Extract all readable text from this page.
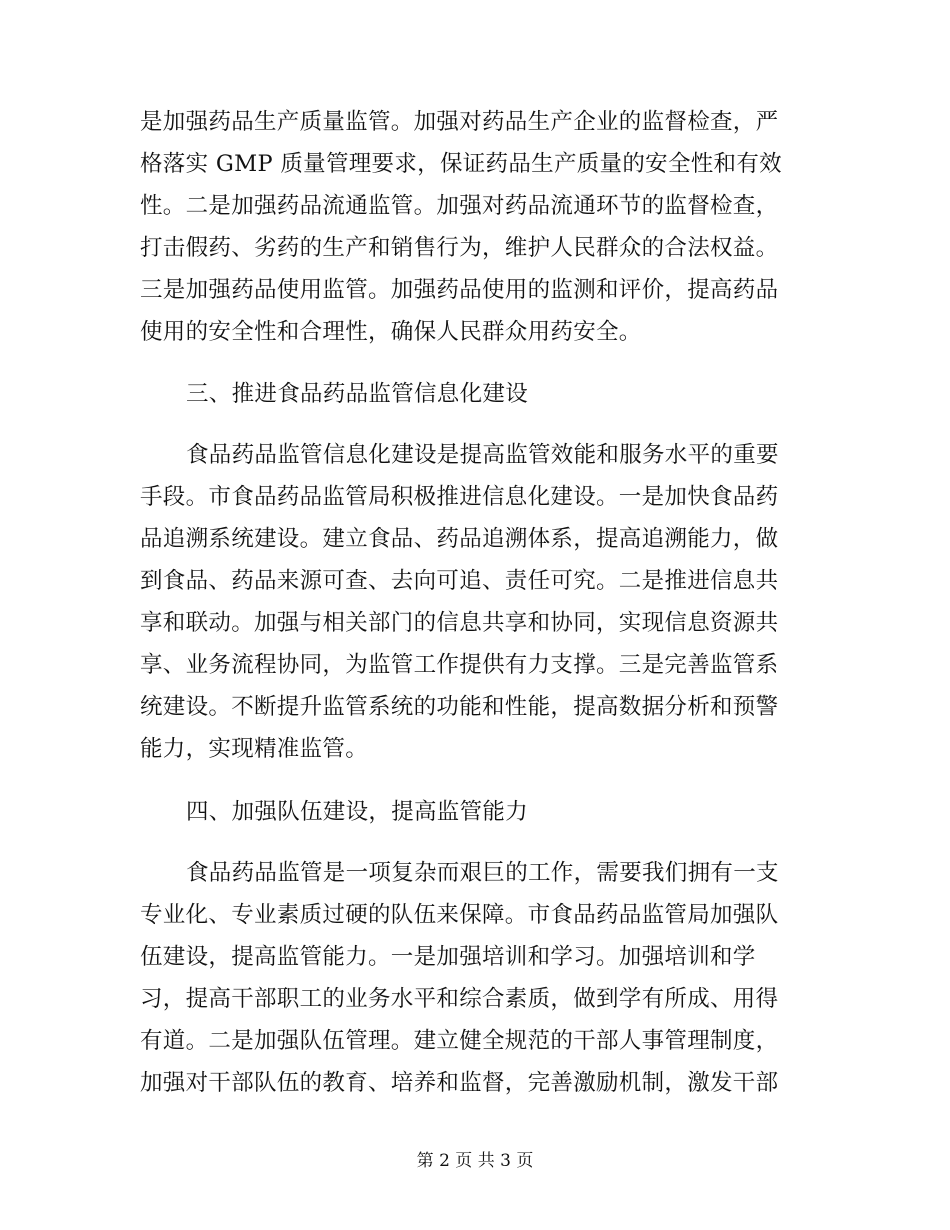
是加强药品生产质量监管。加强对药品生产企业的监督检查，严
格落实 GMP 质量管理要求，保证药品生产质量的安全性和有效
性。二是加强药品流通监管。加强对药品流通环节的监督检查，
打击假药、劣药的生产和销售行为，维护人民群众的合法权益。
三是加强药品使用监管。加强药品使用的监测和评价，提高药品
使用的安全性和合理性，确保人民群众用药安全。
三、推进食品药品监管信息化建设
食品药品监管信息化建设是提高监管效能和服务水平的重要
手段。市食品药品监管局积极推进信息化建设。一是加快食品药
品追溯系统建设。建立食品、药品追溯体系，提高追溯能力，做
到食品、药品来源可查、去向可追、责任可究。二是推进信息共
享和联动。加强与相关部门的信息共享和协同，实现信息资源共
享、业务流程协同，为监管工作提供有力支撑。三是完善监管系
统建设。不断提升监管系统的功能和性能，提高数据分析和预警
能力，实现精准监管。
四、加强队伍建设，提高监管能力
食品药品监管是一项复杂而艰巨的工作，需要我们拥有一支
专业化、专业素质过硬的队伍来保障。市食品药品监管局加强队
伍建设，提高监管能力。一是加强培训和学习。加强培训和学
习，提高干部职工的业务水平和综合素质，做到学有所成、用得
有道。二是加强队伍管理。建立健全规范的干部人事管理制度，
加强对干部队伍的教育、培养和监督，完善激励机制，激发干部
第 2 页 共 3 页
